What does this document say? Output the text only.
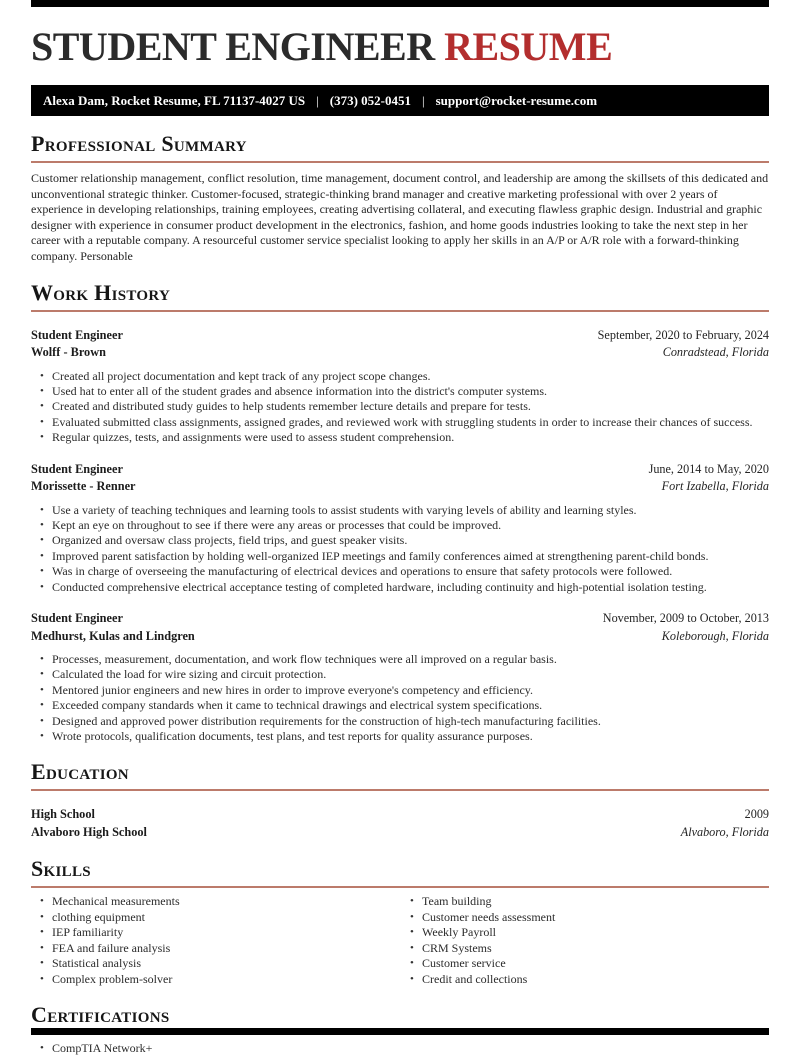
STUDENT ENGINEER RESUME
Alexa Dam, Rocket Resume, FL 71137-4027 US | (373) 052-0451 | support@rocket-resume.com
Professional Summary

Customer relationship management, conflict resolution, time management, document control, and leadership are among the skillsets of this dedicated and unconventional strategic thinker. Customer-focused, strategic-thinking brand manager and creative marketing professional with over 2 years of experience in developing relationships, training employees, creating advertising collateral, and executing flawless graphic design. Industrial and graphic designer with experience in consumer product development in the electronics, fashion, and home goods industries looking to take the next step in her career with a reputable company. A resourceful customer service specialist looking to apply her skills in an A/P or A/R role with a forward-thinking company. Personable

Work History
Student Engineer	September, 2020 to February, 2024
Wolff - Brown	Conradstead, Florida
• Created all project documentation and kept track of any project scope changes.
• Used hat to enter all of the student grades and absence information into the district's computer systems.
• Created and distributed study guides to help students remember lecture details and prepare for tests.
• Evaluated submitted class assignments, assigned grades, and reviewed work with struggling students in order to increase their chances of success.
• Regular quizzes, tests, and assignments were used to assess student comprehension.
Student Engineer	June, 2014 to May, 2020
Morissette - Renner	Fort Izabella, Florida
• Use a variety of teaching techniques and learning tools to assist students with varying levels of ability and learning styles.
• Kept an eye on throughout to see if there were any areas or processes that could be improved.
• Organized and oversaw class projects, field trips, and guest speaker visits.
• Improved parent satisfaction by holding well-organized IEP meetings and family conferences aimed at strengthening parent-child bonds.
• Was in charge of overseeing the manufacturing of electrical devices and operations to ensure that safety protocols were followed.
• Conducted comprehensive electrical acceptance testing of completed hardware, including continuity and high-potential isolation testing.
Student Engineer	November, 2009 to October, 2013
Medhurst, Kulas and Lindgren	Koleborough, Florida
• Processes, measurement, documentation, and work flow techniques were all improved on a regular basis.
• Calculated the load for wire sizing and circuit protection.
• Mentored junior engineers and new hires in order to improve everyone's competency and efficiency.
• Exceeded company standards when it came to technical drawings and electrical system specifications.
• Designed and approved power distribution requirements for the construction of high-tech manufacturing facilities.
• Wrote protocols, qualification documents, test plans, and test reports for quality assurance purposes.
Education
High School	2009
Alvaboro High School	Alvaboro, Florida
Skills
• Mechanical measurements
• clothing equipment
• IEP familiarity
• FEA and failure analysis
• Statistical analysis
• Complex problem-solver
• Team building
• Customer needs assessment
• Weekly Payroll
• CRM Systems
• Customer service
• Credit and collections
Certifications
• CompTIA Network+
